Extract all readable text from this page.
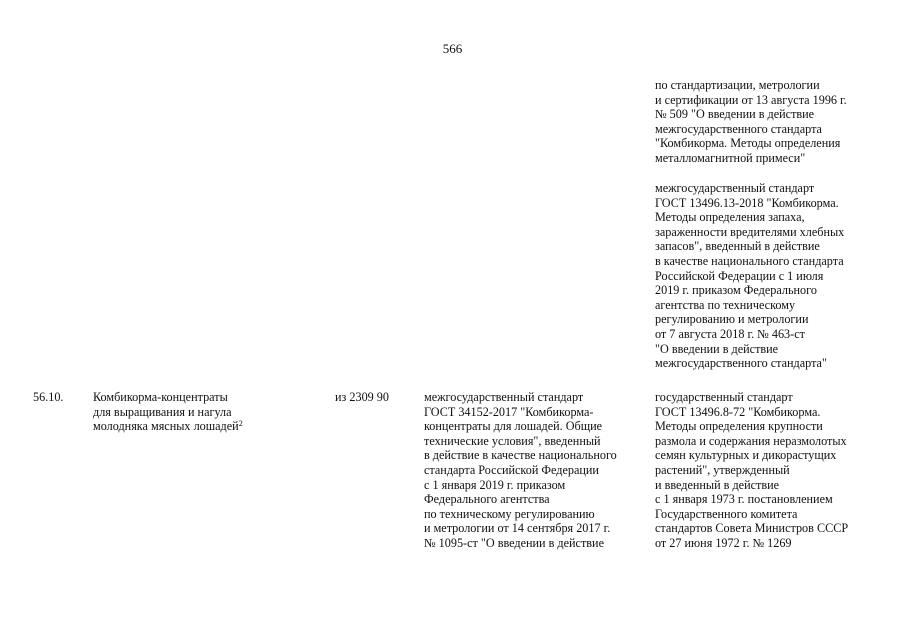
566
по стандартизации, метрологии
и сертификации от 13 августа 1996 г.
№ 509 "О введении в действие
межгосударственного стандарта
"Комбикорма. Методы определения
металломагнитной примеси"
межгосударственный стандарт
ГОСТ 13496.13-2018 "Комбикорма.
Методы определения запаха,
зараженности вредителями хлебных
запасов", введенный в действие
в качестве национального стандарта
Российской Федерации с 1 июля
2019 г. приказом Федерального
агентства по техническому
регулированию и метрологии
от 7 августа 2018 г. № 463-ст
"О введении в действие
межгосударственного стандарта"
56.10. Комбикорма-концентраты
для выращивания и нагула
молодняка мясных лошадей$^2$
из 2309 90	межгосударственный стандарт
ГОСТ 34152-2017 "Комбикорма-
концентраты для лошадей. Общие
технические условия", введенный
в действие в качестве национального
стандарта Российской Федерации
с 1 января 2019 г. приказом
Федерального агентства
по техническому регулированию
и метрологии от 14 сентября 2017 г.
№ 1095-ст "О введении в действие
государственный стандарт
ГОСТ 13496.8-72 "Комбикорма.
Методы определения крупности
размола и содержания неразмолотых
семян культурных и дикорастущих
растений", утвержденный
и введенный в действие
с 1 января 1973 г. постановлением
Государственного комитета
стандартов Совета Министров СССР
от 27 июня 1972 г. № 1269
